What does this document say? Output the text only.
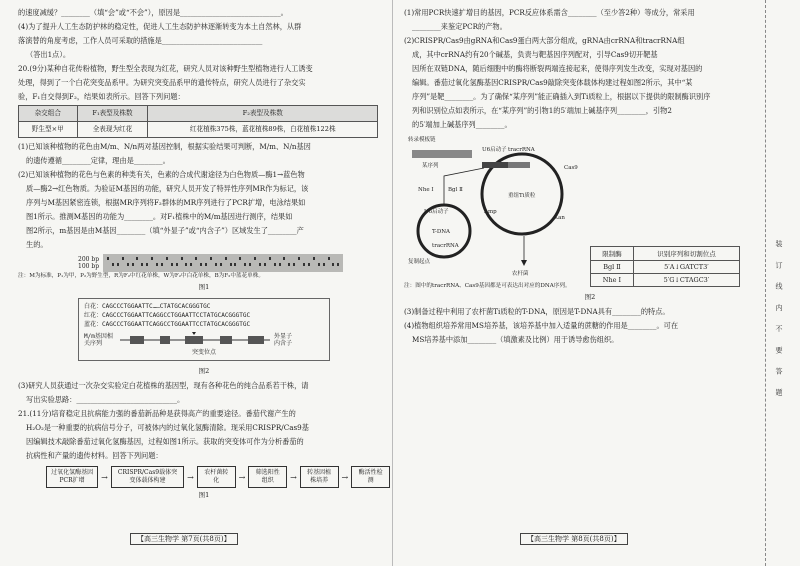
的速度减缓？________（填“会”或“不会”），原因是____________________________。

(4)为了提升人工生态防护林的稳定性，促进人工生态防护林逐渐转变为本土自然林，从群

落演替的角度考虑，工作人员可采取的措施是____________________________

（答出1点）。

20.(9分)某种自花传粉植物，野生型全表现为红花，研究人员对该种野生型植物进行人工诱变

处理，得到了一个白花突变品系甲。为研究突变品系甲的遗传特点，研究人员进行了杂交实

验，F₁自交得到F₂，结果如表所示。回答下列问题：

杂交组合	F₁表型及株数	F₂表型及株数
野生型×甲	全表现为红花	红花植株375株，蓝花植株89株，白花植株122株

(1)已知该种植物的花色由M/m、N/n两对基因控制，根据实验结果可判断，M/m、N/n基因

的遗传遵循________定律，理由是________。

(2)已知该种植物的花色与色素的种类有关，色素的合成代谢途径为白色物质—酶1→蓝色物

质—酶2→红色物质。为验证M基因的功能，研究人员开发了特异性序列MR作为标记，该

序列与M基因紧密连锁，根据MR序列将F₂群体的MR序列进行了PCR扩增，电泳结果如

图1所示。推测M基因的功能为________。对F₁植株中的M/m基因进行测序，结果如

图2所示，m基因是由M基因________（填“外显子”或“内含子”）区域发生了________产

生的。

200 bp
100 bp

注：M为标准，P₁为甲，P₂为野生型，R为F₂中红花单株，W为F₂中白花单株，B为F₂中蓝花单株。

图1

白花：CAGCCCTGGAATTC……CTATGCACGGGTGC
红花：CAGCCCTGGAATTCAGGCCTGGAATTCCTATGCACGGGTGC
蓝花：CAGCCCTGGAATTCAGGCCTGGAATTCCTATGCACGGGTGC
M/m基因相关序列
外显子
内含子
突变位点

图2

(3)研究人员获通过一次杂交实验定白花植株的基因型，现有各种花色的纯合品系若干株，请

写出实验思路：____________________________。

21.(11分)培育稳定且抗病能力强的番茄新品种是获得高产的重要途径。番茄代谢产生的

H₂O₂是一种重要的抗病信号分子，可被体内的过氧化氢酶清除。现采用CRISPR/Cas9基

因编辑技术敲除番茄过氧化氢酶基因，过程如图1所示。获取的突变体可作为分析番茄的

抗病性和产量的遗传材料。回答下列问题：

过氧化氢酶基因PCR扩增	→	CRISPR/Cas9载体突变体载体构建	→	农杆菌转化	→	筛选阳性组织	→	转基因植株培养	→	酶活性检测

图1

【高三生物学 第7页(共8页)】

(1)常用PCR快速扩增目的基因，PCR反应体系需含________（至少答2种）等成分，常采用

________来鉴定PCR的产物。

(2)CRISPR/Cas9由gRNA和Cas9蛋白两大部分组成，gRNA由crRNA和tracrRNA组

成，其中crRNA约有20个碱基，负责与靶基因序列配对，引导Cas9切开靶基

因所在双链DNA，随后细胞中的酶将断裂两端连接起来，使得序列发生改变，实现对基因的

编辑。番茄过氧化氢酶基因CRISPR/Cas9敲除突变体载体构建过程如图2所示，其中“某

序列”是靶________。为了确保“某序列”能正确插入到Ti质粒上，根据以下提供的限制酶识别序

列和识别位点如表所示，在“某序列”的引物1的5′端加上碱基序列________，引物2

的5′端加上碱基序列________。

转录模板链
U6启动子
某序列
tracrRNA
Cas9
Amp
Nhe Ⅰ	Bgl Ⅱ
T-DNA
重组Ti质粒
复制起点
农杆菌
U6启动子
tracrRNA
Kan

注：图中的tracrRNA、Cas9基因都是可表达出对应的DNA序列。

图2

(3)制备过程中利用了农杆菌Ti质粒的T-DNA，原因是T-DNA具有________的特点。

(4)植物组织培养常用MS培养基，该培养基中加入适量的蔗糖的作用是________。可在

MS培养基中添加________（填激素及比例）用于诱导愈伤组织。

限制酶	识别序列和切割位点
Bgl Ⅱ	5′A↓GATCT3′
Nhe Ⅰ	5′G↓CTAGC3′
【高三生物学 第8页(共8页)】
装 订 线 内 不 要 答 题
